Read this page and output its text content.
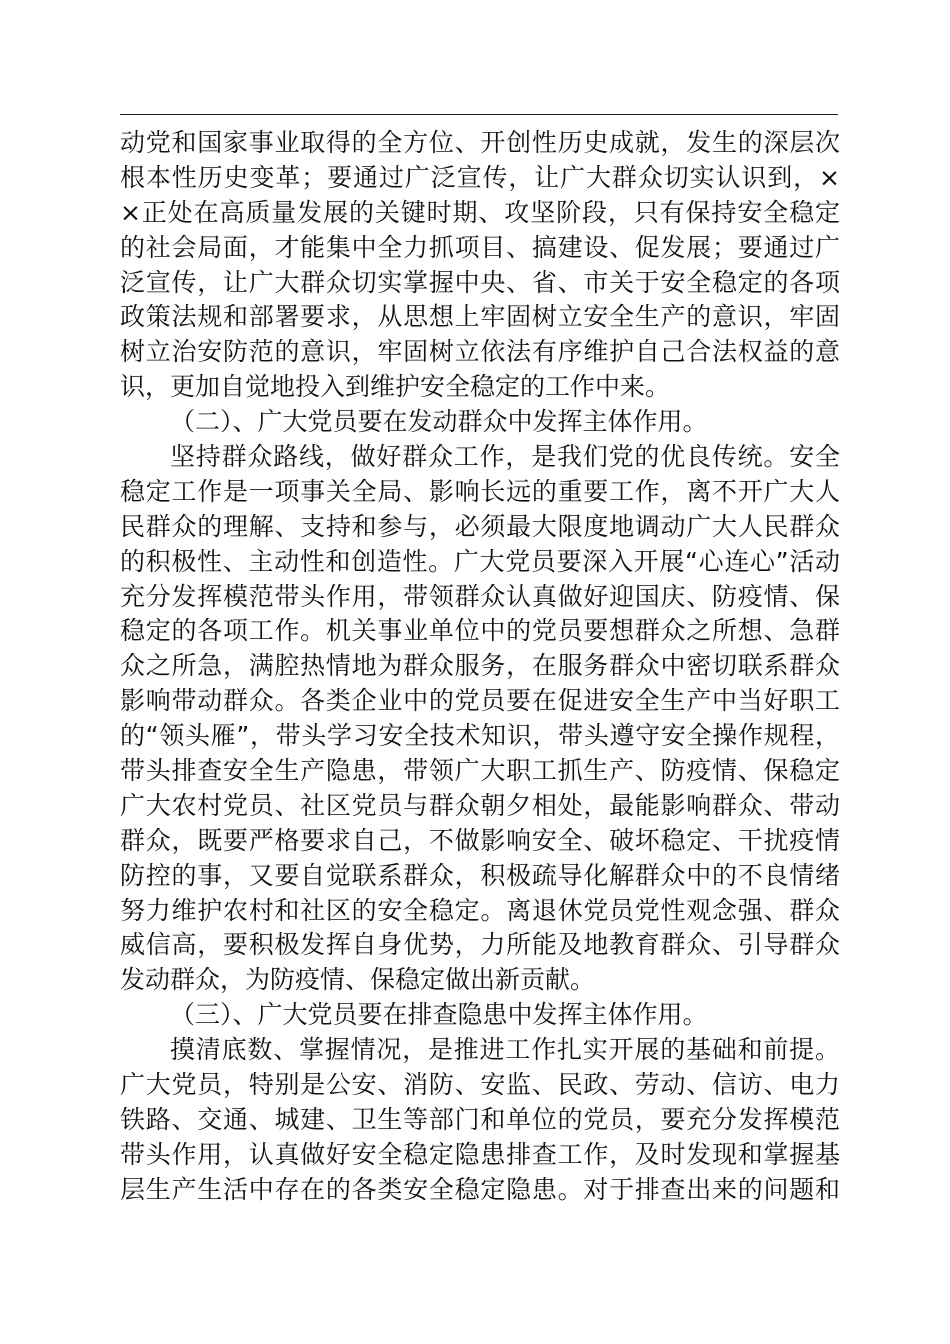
动党和国家事业取得的全方位、开创性历史成就，发生的深层次
根本性历史变革；要通过广泛宣传，让广大群众切实认识到，×
×正处在高质量发展的关键时期、攻坚阶段，只有保持安全稳定
的社会局面，才能集中全力抓项目、搞建设、促发展；要通过广
泛宣传，让广大群众切实掌握中央、省、市关于安全稳定的各项
政策法规和部署要求，从思想上牢固树立安全生产的意识，牢固
树立治安防范的意识，牢固树立依法有序维护自己合法权益的意
识，更加自觉地投入到维护安全稳定的工作中来。
（二）、广大党员要在发动群众中发挥主体作用。
坚持群众路线，做好群众工作，是我们党的优良传统。安全
稳定工作是一项事关全局、影响长远的重要工作，离不开广大人
民群众的理解、支持和参与，必须最大限度地调动广大人民群众
的积极性、主动性和创造性。广大党员要深入开展“心连心”活动
充分发挥模范带头作用，带领群众认真做好迎国庆、防疫情、保
稳定的各项工作。机关事业单位中的党员要想群众之所想、急群
众之所急，满腔热情地为群众服务，在服务群众中密切联系群众
影响带动群众。各类企业中的党员要在促进安全生产中当好职工
的“领头雁”，带头学习安全技术知识，带头遵守安全操作规程，
带头排查安全生产隐患，带领广大职工抓生产、防疫情、保稳定
广大农村党员、社区党员与群众朝夕相处，最能影响群众、带动
群众，既要严格要求自己，不做影响安全、破坏稳定、干扰疫情
防控的事，又要自觉联系群众，积极疏导化解群众中的不良情绪
努力维护农村和社区的安全稳定。离退休党员党性观念强、群众
威信高，要积极发挥自身优势，力所能及地教育群众、引导群众
发动群众，为防疫情、保稳定做出新贡献。
（三）、广大党员要在排查隐患中发挥主体作用。
摸清底数、掌握情况，是推进工作扎实开展的基础和前提。
广大党员，特别是公安、消防、安监、民政、劳动、信访、电力
铁路、交通、城建、卫生等部门和单位的党员，要充分发挥模范
带头作用，认真做好安全稳定隐患排查工作，及时发现和掌握基
层生产生活中存在的各类安全稳定隐患。对于排查出来的问题和
